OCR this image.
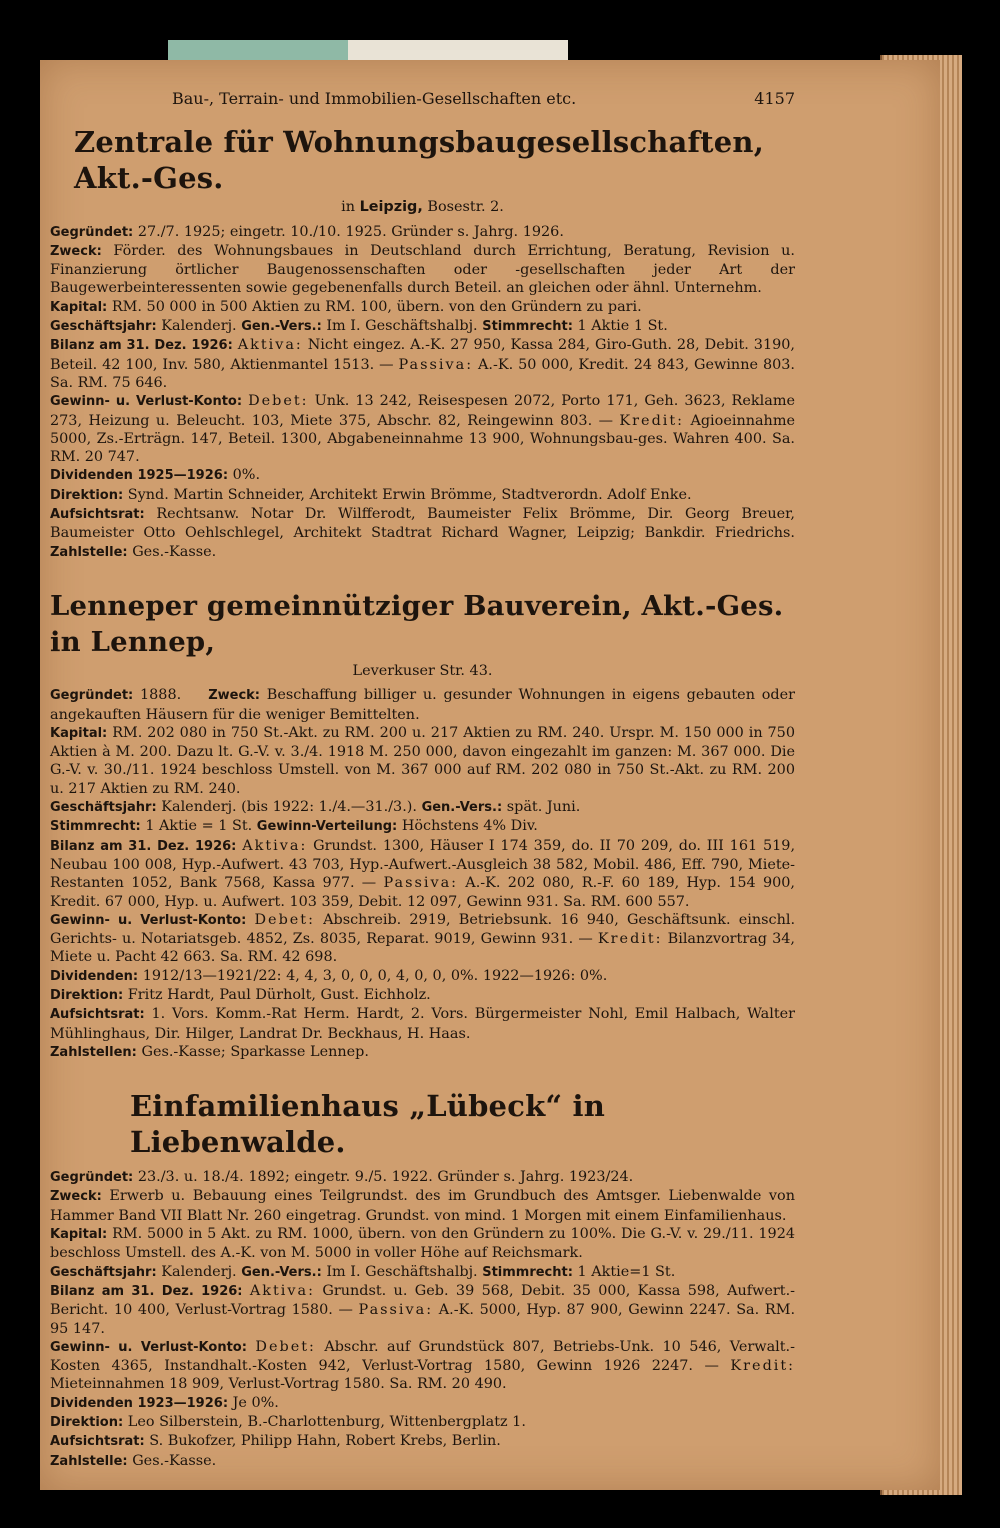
Bau-, Terrain- und Immobilien-Gesellschaften etc.	4157
Zentrale für Wohnungsbaugesellschaften, Akt.-Ges.
in Leipzig, Bosestr. 2.

Gegründet: 27./7. 1925; eingetr. 10./10. 1925. Gründer s. Jahrg. 1926.

Zweck: Förder. des Wohnungsbaues in Deutschland durch Errichtung, Beratung, Revision u. Finanzierung örtlicher Baugenossenschaften oder -gesellschaften jeder Art der Baugewerbeinteressenten sowie gegebenenfalls durch Beteil. an gleichen oder ähnl. Unternehm.

Kapital: RM. 50 000 in 500 Aktien zu RM. 100, übern. von den Gründern zu pari.

Geschäftsjahr: Kalenderj. Gen.-Vers.: Im I. Geschäftshalbj. Stimmrecht: 1 Aktie 1 St.

Bilanz am 31. Dez. 1926: Aktiva: Nicht eingez. A.-K. 27 950, Kassa 284, Giro-Guth. 28, Debit. 3190, Beteil. 42 100, Inv. 580, Aktienmantel 1513. — Passiva: A.-K. 50 000, Kredit. 24 843, Gewinne 803. Sa. RM. 75 646.

Gewinn- u. Verlust-Konto: Debet: Unk. 13 242, Reisespesen 2072, Porto 171, Geh. 3623, Reklame 273, Heizung u. Beleucht. 103, Miete 375, Abschr. 82, Reingewinn 803. — Kredit: Agioeinnahme 5000, Zs.-Erträgn. 147, Beteil. 1300, Abgabeneinnahme 13 900, Wohnungsbau-ges. Wahren 400. Sa. RM. 20 747.

Dividenden 1925—1926: 0%.

Direktion: Synd. Martin Schneider, Architekt Erwin Brömme, Stadtverordn. Adolf Enke.

Aufsichtsrat: Rechtsanw. Notar Dr. Wilfferodt, Baumeister Felix Brömme, Dir. Georg Breuer, Baumeister Otto Oehlschlegel, Architekt Stadtrat Richard Wagner, Leipzig; Bankdir. Friedrichs. Zahlstelle: Ges.-Kasse.

Lenneper gemeinnütziger Bauverein, Akt.-Ges. in Lennep,
Leverkuser Str. 43.

Gegründet: 1888. Zweck: Beschaffung billiger u. gesunder Wohnungen in eigens gebauten oder angekauften Häusern für die weniger Bemittelten.

Kapital: RM. 202 080 in 750 St.-Akt. zu RM. 200 u. 217 Aktien zu RM. 240. Urspr. M. 150 000 in 750 Aktien à M. 200. Dazu lt. G.-V. v. 3./4. 1918 M. 250 000, davon eingezahlt im ganzen: M. 367 000. Die G.-V. v. 30./11. 1924 beschloss Umstell. von M. 367 000 auf RM. 202 080 in 750 St.-Akt. zu RM. 200 u. 217 Aktien zu RM. 240.

Geschäftsjahr: Kalenderj. (bis 1922: 1./4.—31./3.). Gen.-Vers.: spät. Juni.

Stimmrecht: 1 Aktie = 1 St. Gewinn-Verteilung: Höchstens 4% Div.

Bilanz am 31. Dez. 1926: Aktiva: Grundst. 1300, Häuser I 174 359, do. II 70 209, do. III 161 519, Neubau 100 008, Hyp.-Aufwert. 43 703, Hyp.-Aufwert.-Ausgleich 38 582, Mobil. 486, Eff. 790, Miete-Restanten 1052, Bank 7568, Kassa 977. — Passiva: A.-K. 202 080, R.-F. 60 189, Hyp. 154 900, Kredit. 67 000, Hyp. u. Aufwert. 103 359, Debit. 12 097, Gewinn 931. Sa. RM. 600 557.

Gewinn- u. Verlust-Konto: Debet: Abschreib. 2919, Betriebsunk. 16 940, Geschäftsunk. einschl. Gerichts- u. Notariatsgeb. 4852, Zs. 8035, Reparat. 9019, Gewinn 931. — Kredit: Bilanzvortrag 34, Miete u. Pacht 42 663. Sa. RM. 42 698.

Dividenden: 1912/13—1921/22: 4, 4, 3, 0, 0, 0, 4, 0, 0, 0%. 1922—1926: 0%.

Direktion: Fritz Hardt, Paul Dürholt, Gust. Eichholz.

Aufsichtsrat: 1. Vors. Komm.-Rat Herm. Hardt, 2. Vors. Bürgermeister Nohl, Emil Halbach, Walter Mühlinghaus, Dir. Hilger, Landrat Dr. Beckhaus, H. Haas.

Zahlstellen: Ges.-Kasse; Sparkasse Lennep.

Einfamilienhaus „Lübeck“ in Liebenwalde.

Gegründet: 23./3. u. 18./4. 1892; eingetr. 9./5. 1922. Gründer s. Jahrg. 1923/24.

Zweck: Erwerb u. Bebauung eines Teilgrundst. des im Grundbuch des Amtsger. Liebenwalde von Hammer Band VII Blatt Nr. 260 eingetrag. Grundst. von mind. 1 Morgen mit einem Einfamilienhaus.

Kapital: RM. 5000 in 5 Akt. zu RM. 1000, übern. von den Gründern zu 100%. Die G.-V. v. 29./11. 1924 beschloss Umstell. des A.-K. von M. 5000 in voller Höhe auf Reichsmark.

Geschäftsjahr: Kalenderj. Gen.-Vers.: Im I. Geschäftshalbj. Stimmrecht: 1 Aktie=1 St.

Bilanz am 31. Dez. 1926: Aktiva: Grundst. u. Geb. 39 568, Debit. 35 000, Kassa 598, Aufwert.-Bericht. 10 400, Verlust-Vortrag 1580. — Passiva: A.-K. 5000, Hyp. 87 900, Gewinn 2247. Sa. RM. 95 147.

Gewinn- u. Verlust-Konto: Debet: Abschr. auf Grundstück 807, Betriebs-Unk. 10 546, Verwalt.-Kosten 4365, Instandhalt.-Kosten 942, Verlust-Vortrag 1580, Gewinn 1926 2247. — Kredit: Mieteinnahmen 18 909, Verlust-Vortrag 1580. Sa. RM. 20 490.

Dividenden 1923—1926: Je 0%.

Direktion: Leo Silberstein, B.-Charlottenburg, Wittenbergplatz 1.

Aufsichtsrat: S. Bukofzer, Philipp Hahn, Robert Krebs, Berlin.

Zahlstelle: Ges.-Kasse.
